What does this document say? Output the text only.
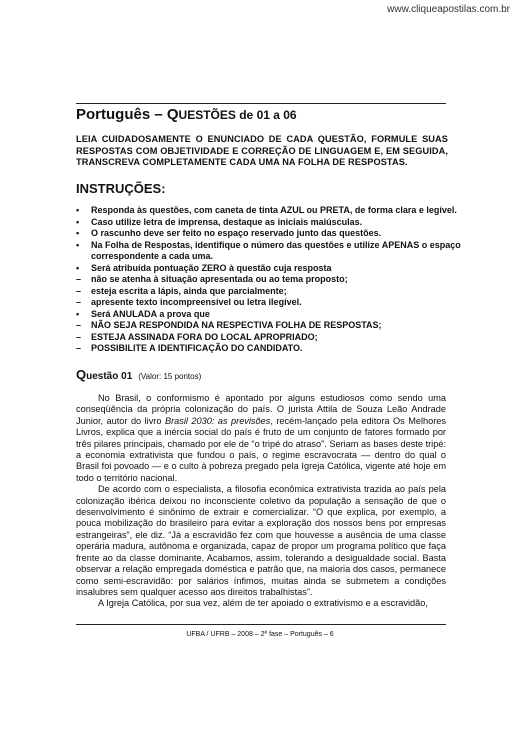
www.cliqueapostilas.com.br
Português – QUESTÕES de 01 a 06
LEIA CUIDADOSAMENTE O ENUNCIADO DE CADA QUESTÃO, FORMULE SUAS RESPOSTAS COM OBJETIVIDADE E CORREÇÃO DE LINGUAGEM E, EM SEGUIDA, TRANSCREVA COMPLETAMENTE CADA UMA NA FOLHA DE RESPOSTAS.
INSTRUÇÕES:
•	Responda às questões, com caneta de tinta AZUL ou PRETA, de forma clara e legível.
•	Caso utilize letra de imprensa, destaque as iniciais maiúsculas.
•	O rascunho deve ser feito no espaço reservado junto das questões.
•	Na Folha de Respostas, identifique o número das questões e utilize APENAS o espaço
correspondente a cada uma.
•	Será atribuída pontuação ZERO à questão cuja resposta
–	não se atenha à situação apresentada ou ao tema proposto;
–	esteja escrita a lápis, ainda que parcialmente;
–	apresente texto incompreensível ou letra ilegível.
•	Será ANULADA a prova que
–	NÃO SEJA RESPONDIDA NA RESPECTIVA FOLHA DE RESPOSTAS;
–	ESTEJA ASSINADA FORA DO LOCAL APROPRIADO;
–	POSSIBILITE A IDENTIFICAÇÃO DO CANDIDATO.
Questão 01 (Valor: 15 pontos)

No Brasil, o conformismo é apontado por alguns estudiosos como sendo uma conseqüência da própria colonização do país. O jurista Attila de Souza Leão Andrade Junior, autor do livro Brasil 2030: as previsões, recém-lançado pela editora Os Melhores Livros, explica que a inércia social do país é fruto de um conjunto de fatores formado por três pilares principais, chamado por ele de “o tripé do atraso”. Seriam as bases deste tripé: a economia extrativista que fundou o país, o regime escravocrata — dentro do qual o Brasil foi povoado — e o culto à pobreza pregado pela Igreja Católica, vigente até hoje em todo o território nacional.

De acordo com o especialista, a filosofia econômica extrativista trazida ao país pela colonização ibérica deixou no inconsciente coletivo da população a sensação de que o desenvolvimento é sinônimo de extrair e comercializar. “O que explica, por exemplo, a pouca mobilização do brasileiro para evitar a exploração dos nossos bens por empresas estrangeiras”, ele diz. “Já a escravidão fez com que houvesse a ausência de uma classe operária madura, autônoma e organizada, capaz de propor um programa político que faça frente ao da classe dominante. Acabamos, assim, tolerando a desigualdade social. Basta observar a relação empregada doméstica e patrão que, na maioria dos casos, permanece como semi-escravidão: por salários ínfimos, muitas ainda se submetem a condições insalubres sem qualquer acesso aos direitos trabalhistas”.

A Igreja Católica, por sua vez, além de ter apoiado o extrativismo e a escravidão,

UFBA / UFRB – 2008 – 2ª fase – Português – 6
